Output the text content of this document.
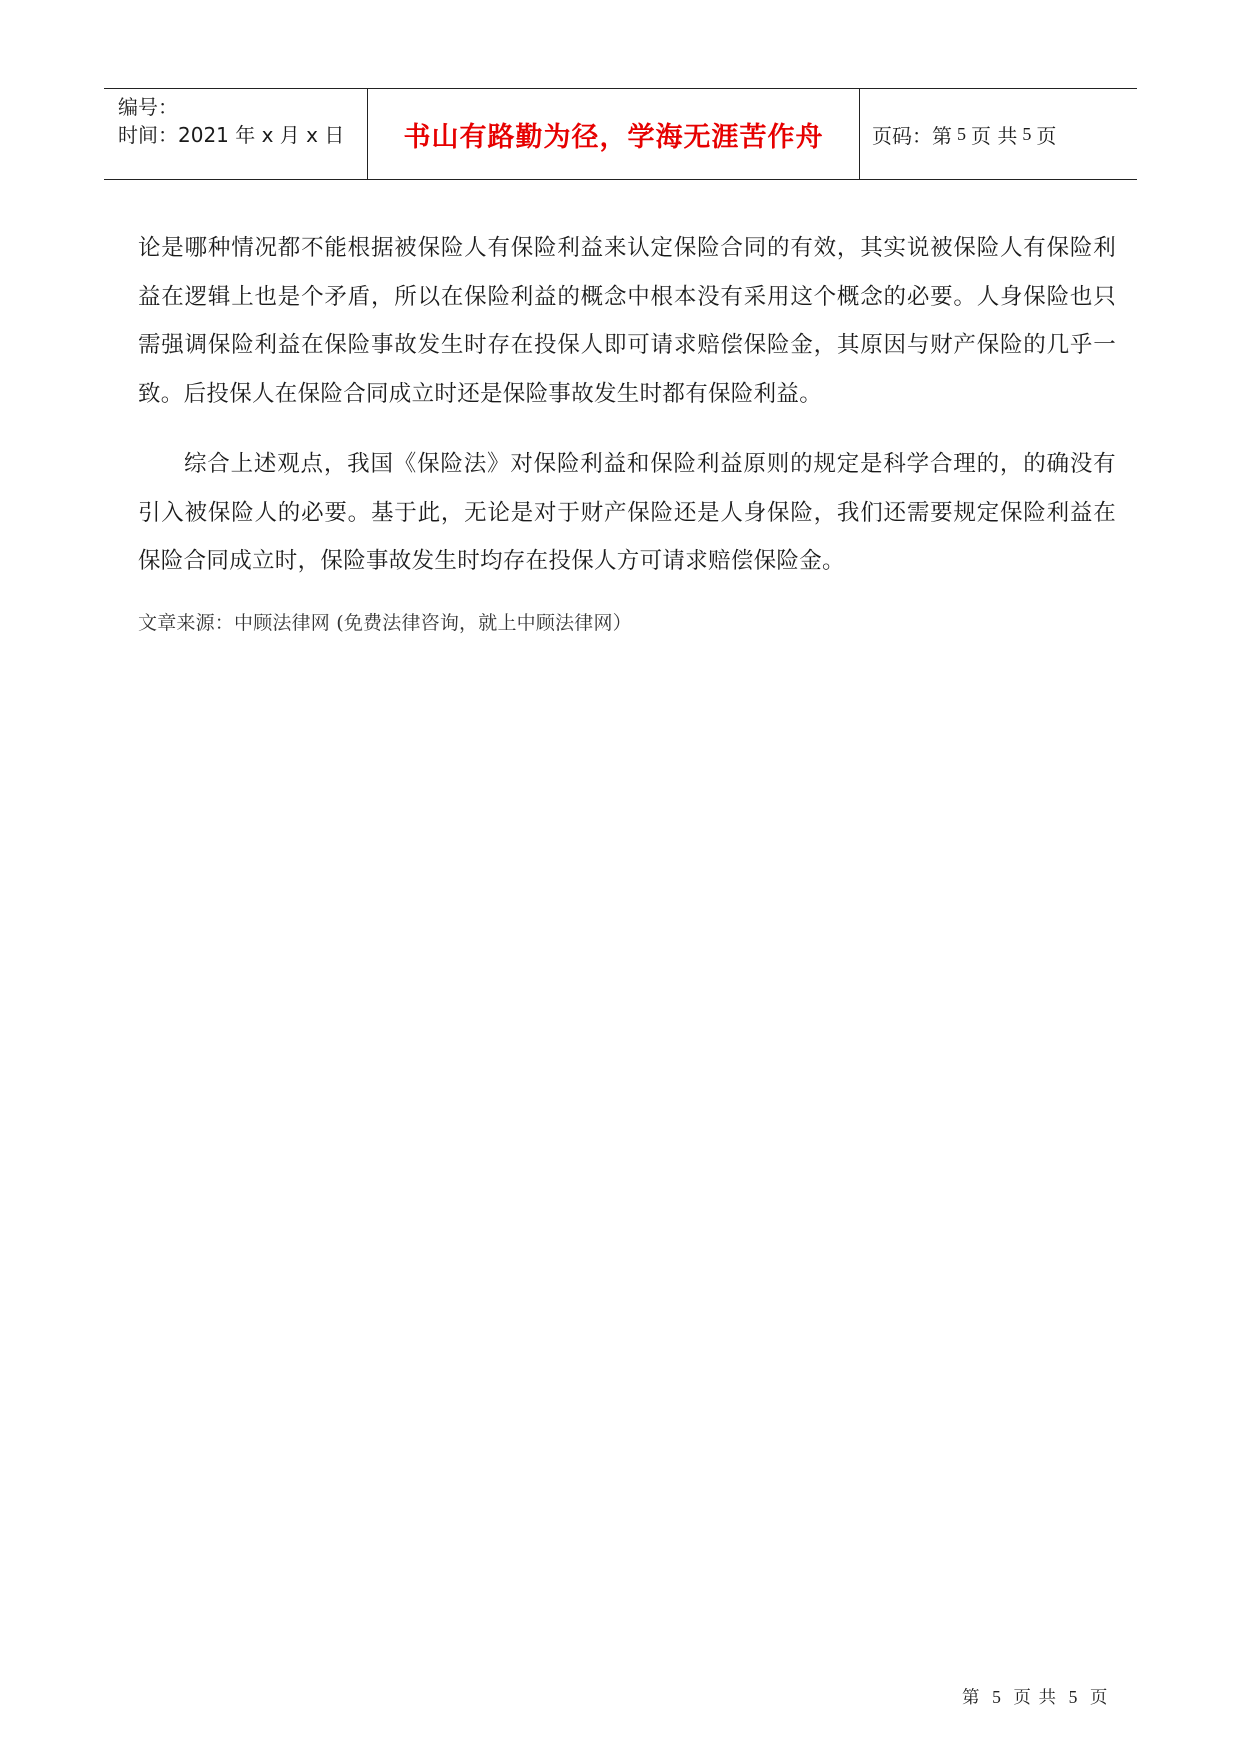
编号：
时间：2021 年 x 月 x 日	书山有路勤为径，学海无涯苦作舟	页码：第 5 页 共 5 页

论是哪种情况都不能根据被保险人有保险利益来认定保险合同的有效，其实说被保险人有保险利益在逻辑上也是个矛盾，所以在保险利益的概念中根本没有采用这个概念的必要。人身保险也只需强调保险利益在保险事故发生时存在投保人即可请求赔偿保险金，其原因与财产保险的几乎一致。后投保人在保险合同成立时还是保险事故发生时都有保险利益。

综合上述观点，我国《保险法》对保险利益和保险利益原则的规定是科学合理的，的确没有引入被保险人的必要。基于此，无论是对于财产保险还是人身保险，我们还需要规定保险利益在保险合同成立时，保险事故发生时均存在投保人方可请求赔偿保险金。

文章来源：中顾法律网 (免费法律咨询，就上中顾法律网）
第 5 页 共 5 页
